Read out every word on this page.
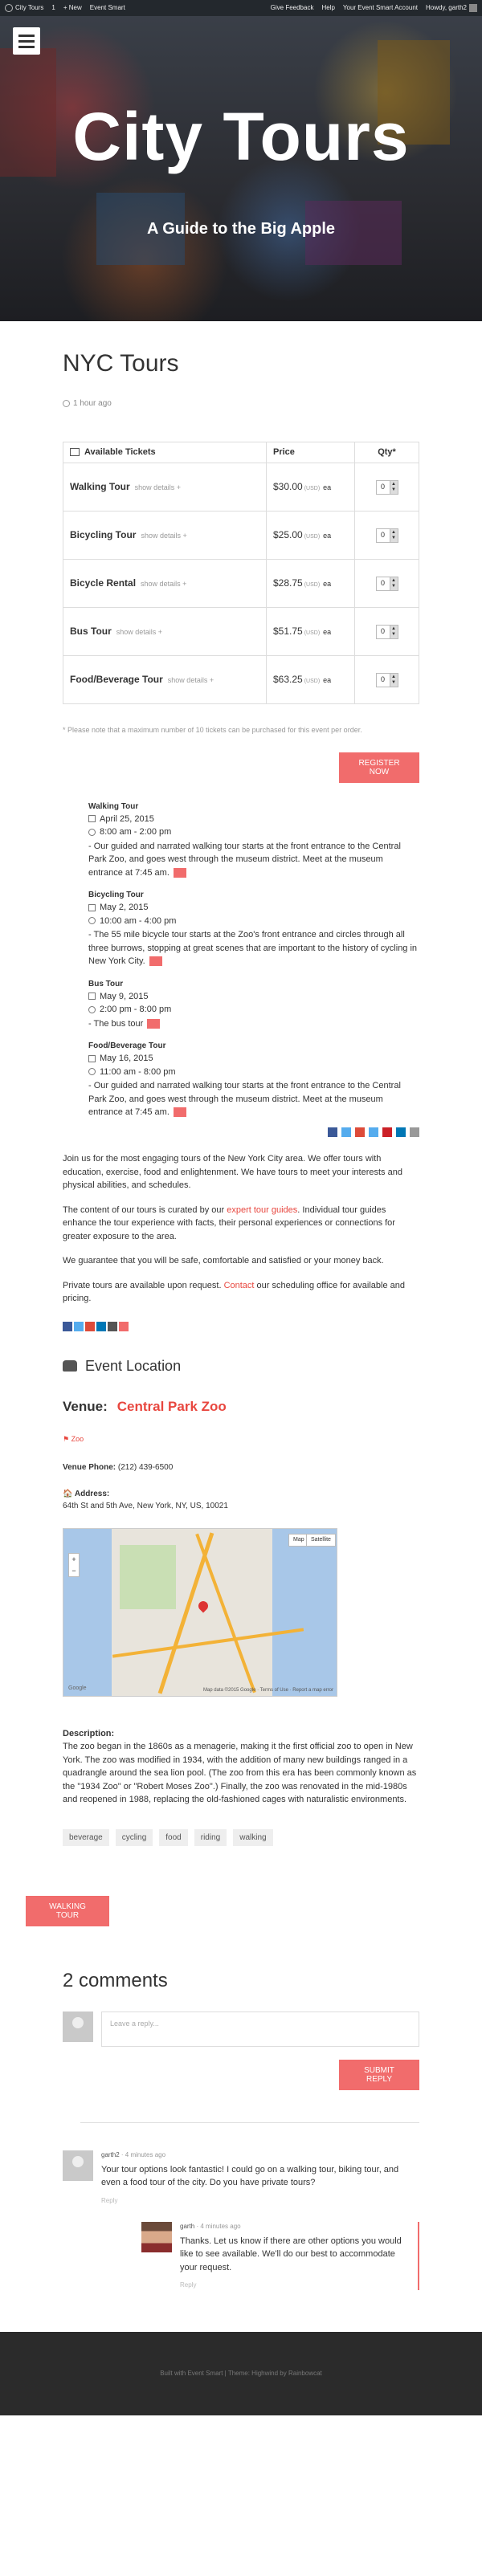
City Tours 1 + New Event Smart	Give Feedback Help Your Event Smart Account Howdy, garth2
City Tours
A Guide to the Big Apple
NYC Tours
1 hour ago
Available Tickets	Price	Qty*
Walking Tour show details +	$30.00 (USD) ea	0 ▲
▼

Bicycling Tour show details +	$25.00 (USD) ea	0 ▲
▼

Bicycle Rental show details +	$28.75 (USD) ea	0 ▲
▼

Bus Tour show details +	$51.75 (USD) ea	0 ▲
▼

Food/Beverage Tour show details +	$63.25 (USD) ea	0 ▲
▼
* Please note that a maximum number of 10 tickets can be purchased for this event per order.
REGISTER NOW
Walking Tour
April 25, 2015
8:00 am - 2:00 pm
- Our guided and narrated walking tour starts at the front entrance to the Central Park Zoo, and goes west through the museum district. Meet at the museum entrance at 7:45 am.
Bicycling Tour
May 2, 2015
10:00 am - 4:00 pm
- The 55 mile bicycle tour starts at the Zoo's front entrance and circles through all three burrows, stopping at great scenes that are important to the history of cycling in New York City.
Bus Tour
May 9, 2015
2:00 pm - 8:00 pm
- The bus tour
Food/Beverage Tour
May 16, 2015
11:00 am - 8:00 pm
- Our guided and narrated walking tour starts at the front entrance to the Central Park Zoo, and goes west through the museum district. Meet at the museum entrance at 7:45 am.

Join us for the most engaging tours of the New York City area. We offer tours with education, exercise, food and enlightenment. We have tours to meet your interests and physical abilities, and schedules.

The content of our tours is curated by our expert tour guides. Individual tour guides enhance the tour experience with facts, their personal experiences or connections for greater exposure to the area.

We guarantee that you will be safe, comfortable and satisfied or your money back.

Private tours are available upon request. Contact our scheduling office for available and pricing.

Event Location
Venue: Central Park Zoo
⚑ Zoo
Venue Phone: (212) 439-6500
🏠 Address:
64th St and 5th Ave, New York, NY, US, 10021
Map	Satellite
+
−
Google	Map data ©2015 Google · Terms of Use · Report a map error
Description:
The zoo began in the 1860s as a menagerie, making it the first official zoo to open in New York. The zoo was modified in 1934, with the addition of many new buildings ranged in a quadrangle around the sea lion pool. (The zoo from this era has been commonly known as the "1934 Zoo" or "Robert Moses Zoo".) Finally, the zoo was renovated in the mid-1980s and reopened in 1988, replacing the old-fashioned cages with naturalistic environments.
beverage	cycling	food	riding	walking
WALKING TOUR
2 comments
Leave a reply...
SUBMIT REPLY
garth2 · 4 minutes ago
Your tour options look fantastic! I could go on a walking tour, biking tour, and even a food tour of the city. Do you have private tours?
Reply
garth · 4 minutes ago
Thanks. Let us know if there are other options you would like to see available. We'll do our best to accommodate your request.
Reply
Built with Event Smart | Theme: Highwind by Rainbowcat
